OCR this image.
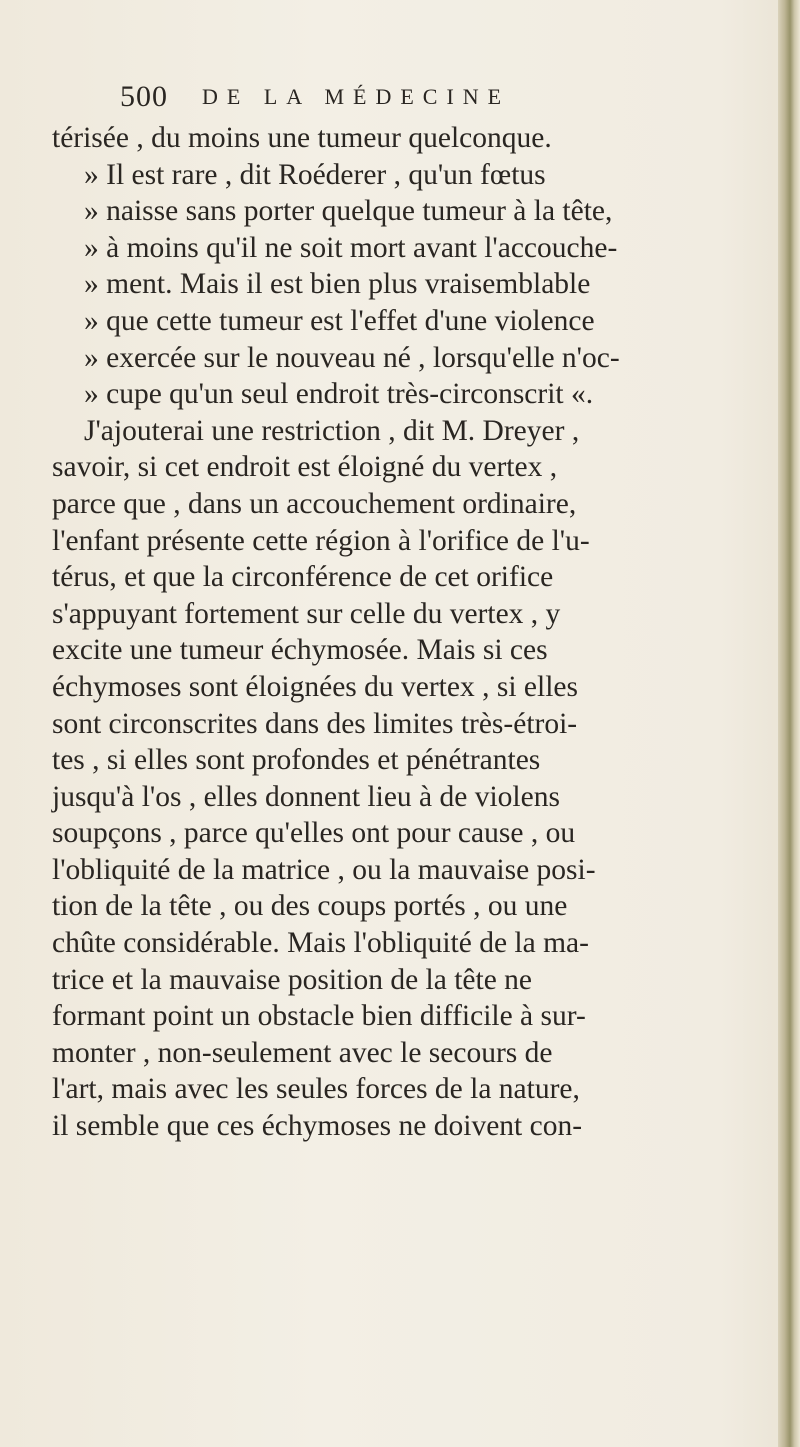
500 DE LA MÉDECINE
térisée , du moins une tumeur quelconque.
» Il est rare , dit Roéderer , qu'un fœtus
» naisse sans porter quelque tumeur à la tête,
» à moins qu'il ne soit mort avant l'accouche-
» ment. Mais il est bien plus vraisemblable
» que cette tumeur est l'effet d'une violence
» exercée sur le nouveau né , lorsqu'elle n'oc-
» cupe qu'un seul endroit très-circonscrit «.
J'ajouterai une restriction , dit M. Dreyer ,
savoir, si cet endroit est éloigné du vertex ,
parce que , dans un accouchement ordinaire,
l'enfant présente cette région à l'orifice de l'u-
térus, et que la circonférence de cet orifice
s'appuyant fortement sur celle du vertex , y
excite une tumeur échymosée. Mais si ces
échymoses sont éloignées du vertex , si elles
sont circonscrites dans des limites très-étroi-
tes , si elles sont profondes et pénétrantes
jusqu'à l'os , elles donnent lieu à de violens
soupçons , parce qu'elles ont pour cause , ou
l'obliquité de la matrice , ou la mauvaise posi-
tion de la tête , ou des coups portés , ou une
chûte considérable. Mais l'obliquité de la ma-
trice et la mauvaise position de la tête ne
formant point un obstacle bien difficile à sur-
monter , non-seulement avec le secours de
l'art, mais avec les seules forces de la nature,
il semble que ces échymoses ne doivent con-
